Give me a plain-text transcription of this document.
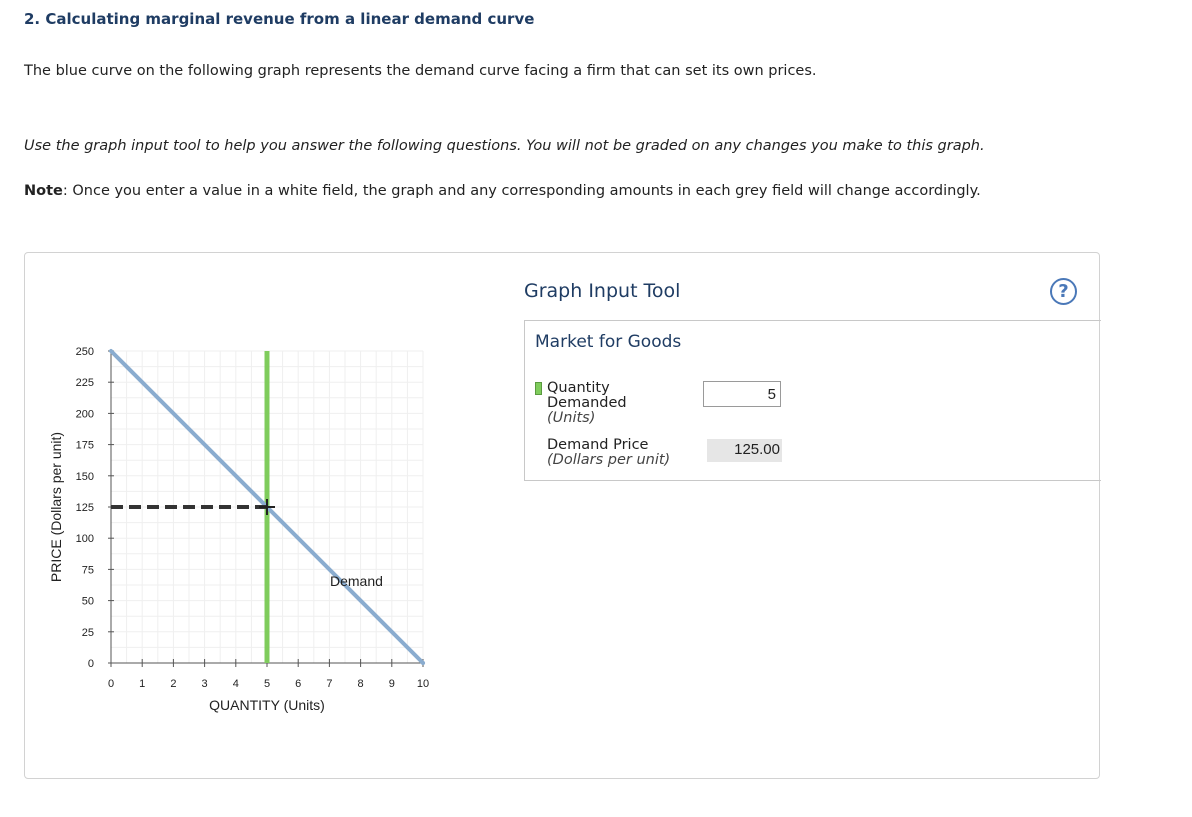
2. Calculating marginal revenue from a linear demand curve

The blue curve on the following graph represents the demand curve facing a firm that can set its own prices.

Use the graph input tool to help you answer the following questions. You will not be graded on any changes you make to this graph.

Note: Once you enter a value in a white field, the graph and any corresponding amounts in each grey field will change accordingly.

0
25
50
75
100
125
150
175
200
225
250
0 1 2 3 4 5 6 7 8 9 10
QUANTITY (Units)
PRICE (Dollars per unit)	Demand
Graph Input Tool	?
Market for Goods
Quantity Demanded
(Units)
5
Demand Price
(Dollars per unit)
125.00
